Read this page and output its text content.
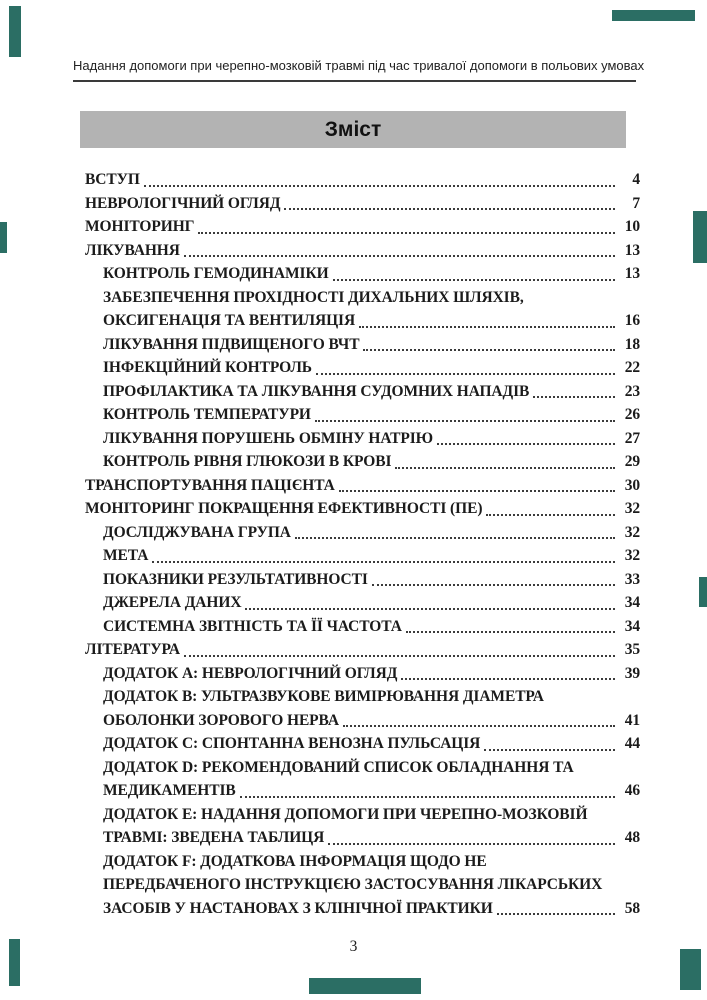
Надання допомоги при черепно-мозковій травмі під час тривалої допомоги в польових умовах
Зміст
ВСТУП	4
НЕВРОЛОГІЧНИЙ ОГЛЯД	7
МОНІТОРИНГ	10
ЛІКУВАННЯ	13
КОНТРОЛЬ ГЕМОДИНАМІКИ	13
ЗАБЕЗПЕЧЕННЯ ПРОХІДНОСТІ ДИХАЛЬНИХ ШЛЯХІВ,
ОКСИГЕНАЦІЯ ТА ВЕНТИЛЯЦІЯ	16
ЛІКУВАННЯ ПІДВИЩЕНОГО ВЧТ	18
ІНФЕКЦІЙНИЙ КОНТРОЛЬ	22
ПРОФІЛАКТИКА ТА ЛІКУВАННЯ СУДОМНИХ НАПАДІВ	23
КОНТРОЛЬ ТЕМПЕРАТУРИ	26
ЛІКУВАННЯ ПОРУШЕНЬ ОБМІНУ НАТРІЮ	27
КОНТРОЛЬ РІВНЯ ГЛЮКОЗИ В КРОВІ	29
ТРАНСПОРТУВАННЯ ПАЦІЄНТА	30
МОНІТОРИНГ ПОКРАЩЕННЯ ЕФЕКТИВНОСТІ (ПЕ)	32
ДОСЛІДЖУВАНА ГРУПА	32
МЕТА	32
ПОКАЗНИКИ РЕЗУЛЬТАТИВНОСТІ	33
ДЖЕРЕЛА ДАНИХ	34
СИСТЕМНА ЗВІТНІСТЬ ТА ЇЇ ЧАСТОТА	34
ЛІТЕРАТУРА	35
ДОДАТОК A: НЕВРОЛОГІЧНИЙ ОГЛЯД	39
ДОДАТОК B: УЛЬТРАЗВУКОВЕ ВИМІРЮВАННЯ ДІАМЕТРА
ОБОЛОНКИ ЗОРОВОГО НЕРВА	41
ДОДАТОК C: СПОНТАННА ВЕНОЗНА ПУЛЬСАЦІЯ	44
ДОДАТОК D: РЕКОМЕНДОВАНИЙ СПИСОК ОБЛАДНАННЯ ТА
МЕДИКАМЕНТІВ	46
ДОДАТОК E: НАДАННЯ ДОПОМОГИ ПРИ ЧЕРЕПНО-МОЗКОВІЙ
ТРАВМІ: ЗВЕДЕНА ТАБЛИЦЯ	48
ДОДАТОК F: ДОДАТКОВА ІНФОРМАЦІЯ ЩОДО НЕ
ПЕРЕДБАЧЕНОГО ІНСТРУКЦІЄЮ ЗАСТОСУВАННЯ ЛІКАРСЬКИХ
ЗАСОБІВ У НАСТАНОВАХ З КЛІНІЧНОЇ ПРАКТИКИ	58
3
